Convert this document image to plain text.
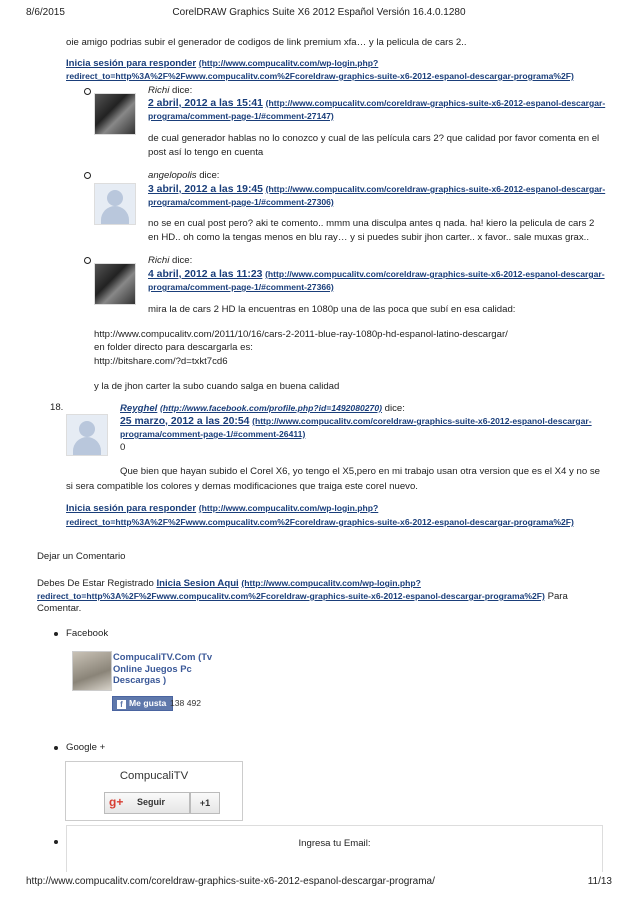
8/6/2015	CorelDRAW Graphics Suite X6 2012 Español Versión 16.4.0.1280
oie amigo podrias subir el generador de codigos de link premium xfa… y la pelicula de cars 2..
Inicia sesión para responder (http://www.compucalitv.com/wp-login.php?
redirect_to=http%3A%2F%2Fwww.compucalitv.com%2Fcoreldraw-graphics-suite-x6-2012-espanol-descargar-programa%2F)
Richi dice:
2 abril, 2012 a las 15:41 (http://www.compucalitv.com/coreldraw-graphics-suite-x6-2012-espanol-descargar-
programa/comment-page-1/#comment-27147)
de cual generador hablas no lo conozco y cual de las película cars 2? que calidad por favor comenta en el
post así lo tengo en cuenta
angelopolis dice:
3 abril, 2012 a las 19:45 (http://www.compucalitv.com/coreldraw-graphics-suite-x6-2012-espanol-descargar-
programa/comment-page-1/#comment-27306)
no se en cual post pero? aki te comento.. mmm una disculpa antes q nada. ha! kiero la pelicula de cars 2
en HD.. oh como la tengas menos en blu ray… y si puedes subir jhon carter.. x favor.. sale muxas grax..
Richi dice:
4 abril, 2012 a las 11:23 (http://www.compucalitv.com/coreldraw-graphics-suite-x6-2012-espanol-descargar-
programa/comment-page-1/#comment-27366)
mira la de cars 2 HD la encuentras en 1080p una de las poca que subí en esa calidad:
http://www.compucalitv.com/2011/10/16/cars-2-2011-blue-ray-1080p-hd-espanol-latino-descargar/
en folder directo para descargarla es:
http://bitshare.com/?d=txkt7cd6
y la de jhon carter la subo cuando salga en buena calidad
18.	Reyghel (http://www.facebook.com/profile.php?id=1492080270) dice:
25 marzo, 2012 a las 20:54 (http://www.compucalitv.com/coreldraw-graphics-suite-x6-2012-espanol-descargar-
programa/comment-page-1/#comment-26411)
0
Que bien que hayan subido el Corel X6, yo tengo el X5,pero en mi trabajo usan otra version que es el X4 y no se
si sera compatible los colores y demas modificaciones que traiga este corel nuevo.
Inicia sesión para responder (http://www.compucalitv.com/wp-login.php?
redirect_to=http%3A%2F%2Fwww.compucalitv.com%2Fcoreldraw-graphics-suite-x6-2012-espanol-descargar-programa%2F)
Dejar un Comentario
Debes De Estar Registrado Inicia Sesion Aqui (http://www.compucalitv.com/wp-login.php?
redirect_to=http%3A%2F%2Fwww.compucalitv.com%2Fcoreldraw-graphics-suite-x6-2012-espanol-descargar-programa%2F) Para
Comentar.
Facebook
CompucaliTV.Com (Tv
Online Juegos Pc
Descargas )
f Me gusta 138 492
Google +
CompucaliTV
g+ Seguir	+1
Ingresa tu Email:
http://www.compucalitv.com/coreldraw-graphics-suite-x6-2012-espanol-descargar-programa/	11/13
